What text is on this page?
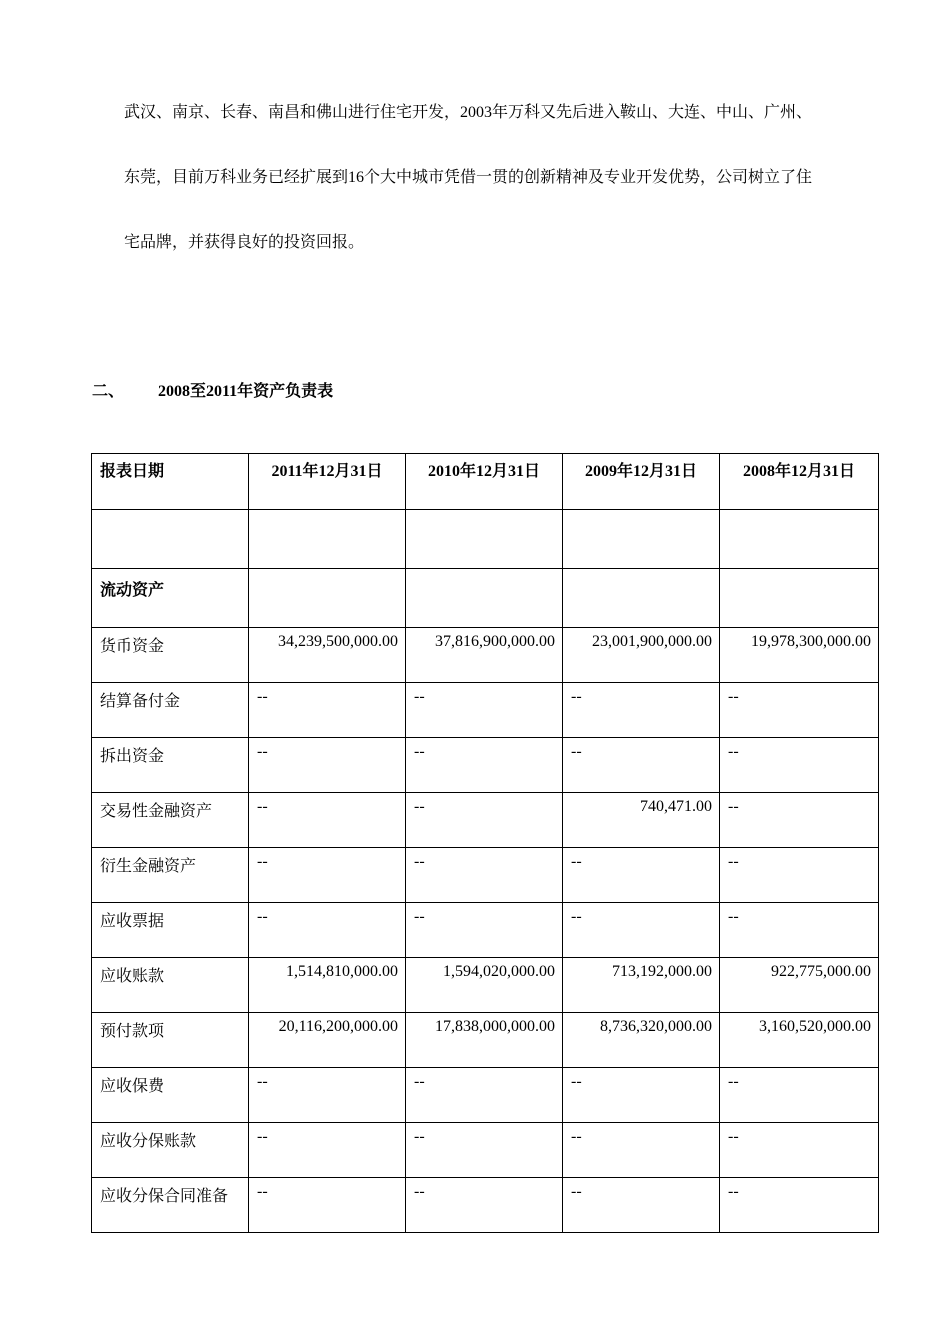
武汉、南京、长春、南昌和佛山进行住宅开发，2003年万科又先后进入鞍山、大连、中山、广州、

东莞，目前万科业务已经扩展到16个大中城市凭借一贯的创新精神及专业开发优势，公司树立了住

宅品牌，并获得良好的投资回报。

二、 2008至2011年资产负责表
报表日期	2011年12月31日	2010年12月31日	2009年12月31日	2008年12月31日

流动资产				
货币资金	34,239,500,000.00	37,816,900,000.00	23,001,900,000.00	19,978,300,000.00
结算备付金	--	--	--	--
拆出资金	--	--	--	--
交易性金融资产	--	--	740,471.00	--
衍生金融资产	--	--	--	--
应收票据	--	--	--	--
应收账款	1,514,810,000.00	1,594,020,000.00	713,192,000.00	922,775,000.00
预付款项	20,116,200,000.00	17,838,000,000.00	8,736,320,000.00	3,160,520,000.00
应收保费	--	--	--	--
应收分保账款	--	--	--	--
应收分保合同准备	--	--	--	--
